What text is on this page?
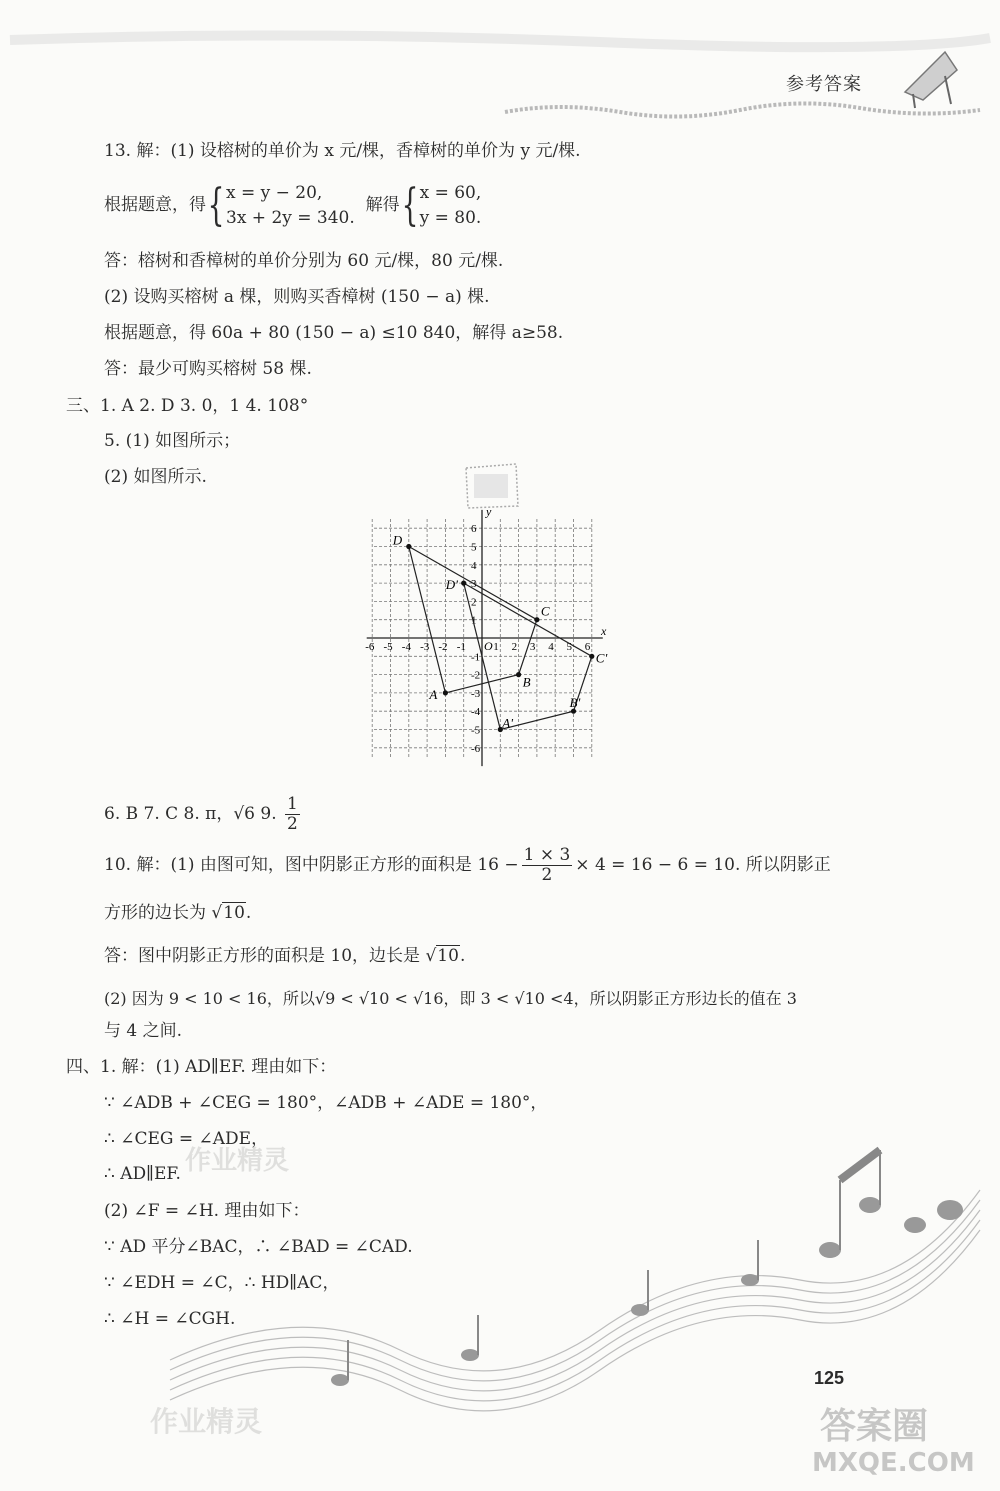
参考答案
13. 解：(1) 设榕树的单价为 x 元/棵，香樟树的单价为 y 元/棵.
根据题意，得{ x = y − 20,
3x + 2y = 340.
解得{ x = 60,
y = 80.
答：榕树和香樟树的单价分别为 60 元/棵，80 元/棵.
(2) 设购买榕树 a 棵，则购买香樟树 (150 − a) 棵.
根据题意，得 60a + 80 (150 − a) ≤10 840，解得 a≥58.
答：最少可购买榕树 58 棵.
三、1. A 2. D 3. 0，1 4. 108°
5. (1) 如图所示；
(2) 如图所示.
x
y
O
-6 -5 -4 -3 -2 -1 1 2 3 4 5 6
6
5
4
3
2
1
-1
-2
-3
-4
-5
-6
D
D'
C
C'
B
B'
A
A'
6. B 7. C 8. π，√6 9. $\frac{1}{2}$
10. 解：(1) 由图可知，图中阴影正方形的面积是 $16 - \frac{1 \times 3}{2} \times 4 = 16 - 6 = 10$. 所以阴影正
方形的边长为 √10.
答：图中阴影正方形的面积是 10，边长是 √10.
(2) 因为 9 < 10 < 16，所以√9 < √10 < √16，即 3 < √10 <4，所以阴影正方形边长的值在 3
与 4 之间.
四、1. 解：(1) AD∥EF. 理由如下：
∵ ∠ADB + ∠CEG = 180°，∠ADB + ∠ADE = 180°，
∴ ∠CEG = ∠ADE，
∴ AD∥EF.
(2) ∠F = ∠H. 理由如下：
∵ AD 平分∠BAC，∴ ∠BAD = ∠CAD.
∵ ∠EDH = ∠C，∴ HD∥AC，
∴ ∠H = ∠CGH.
125
作业精灵
作业精灵	答案圈
MXQE.COM
